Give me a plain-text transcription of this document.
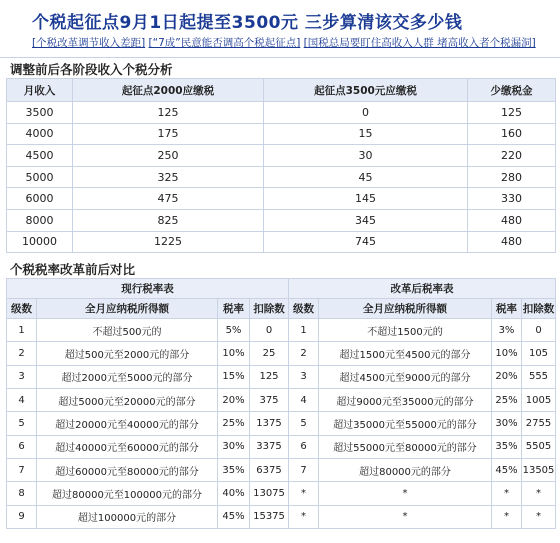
个税起征点9月1日起提至3500元 三步算清该交多少钱
[个税改革调节收入差距] [“7成”民意能否调高个税起征点] [国税总局要盯住高收入人群 堵高收入者个税漏洞]
调整前后各阶段收入个税分析
月收入	起征点2000应缴税	起征点3500元应缴税	少缴税金
3500	125	0	125
4000	175	15	160
4500	250	30	220
5000	325	45	280
6000	475	145	330
8000	825	345	480
10000	1225	745	480
个税税率改革前后对比
现行税率表				改革后税率表			
级数	全月应纳税所得额	税率	扣除数	级数	全月应纳税所得额	税率	扣除数
1	不超过500元的	5%	0	1	不超过1500元的	3%	0
2	超过500元至2000元的部分	10%	25	2	超过1500元至4500元的部分	10%	105
3	超过2000元至5000元的部分	15%	125	3	超过4500元至9000元的部分	20%	555
4	超过5000元至20000元的部分	20%	375	4	超过9000元至35000元的部分	25%	1005
5	超过20000元至40000元的部分	25%	1375	5	超过35000元至55000元的部分	30%	2755
6	超过40000元至60000元的部分	30%	3375	6	超过55000元至80000元的部分	35%	5505
7	超过60000元至80000元的部分	35%	6375	7	超过80000元的部分	45%	13505
8	超过80000元至100000元的部分	40%	13075	*	*	*	*
9	超过100000元的部分	45%	15375	*	*	*	*
